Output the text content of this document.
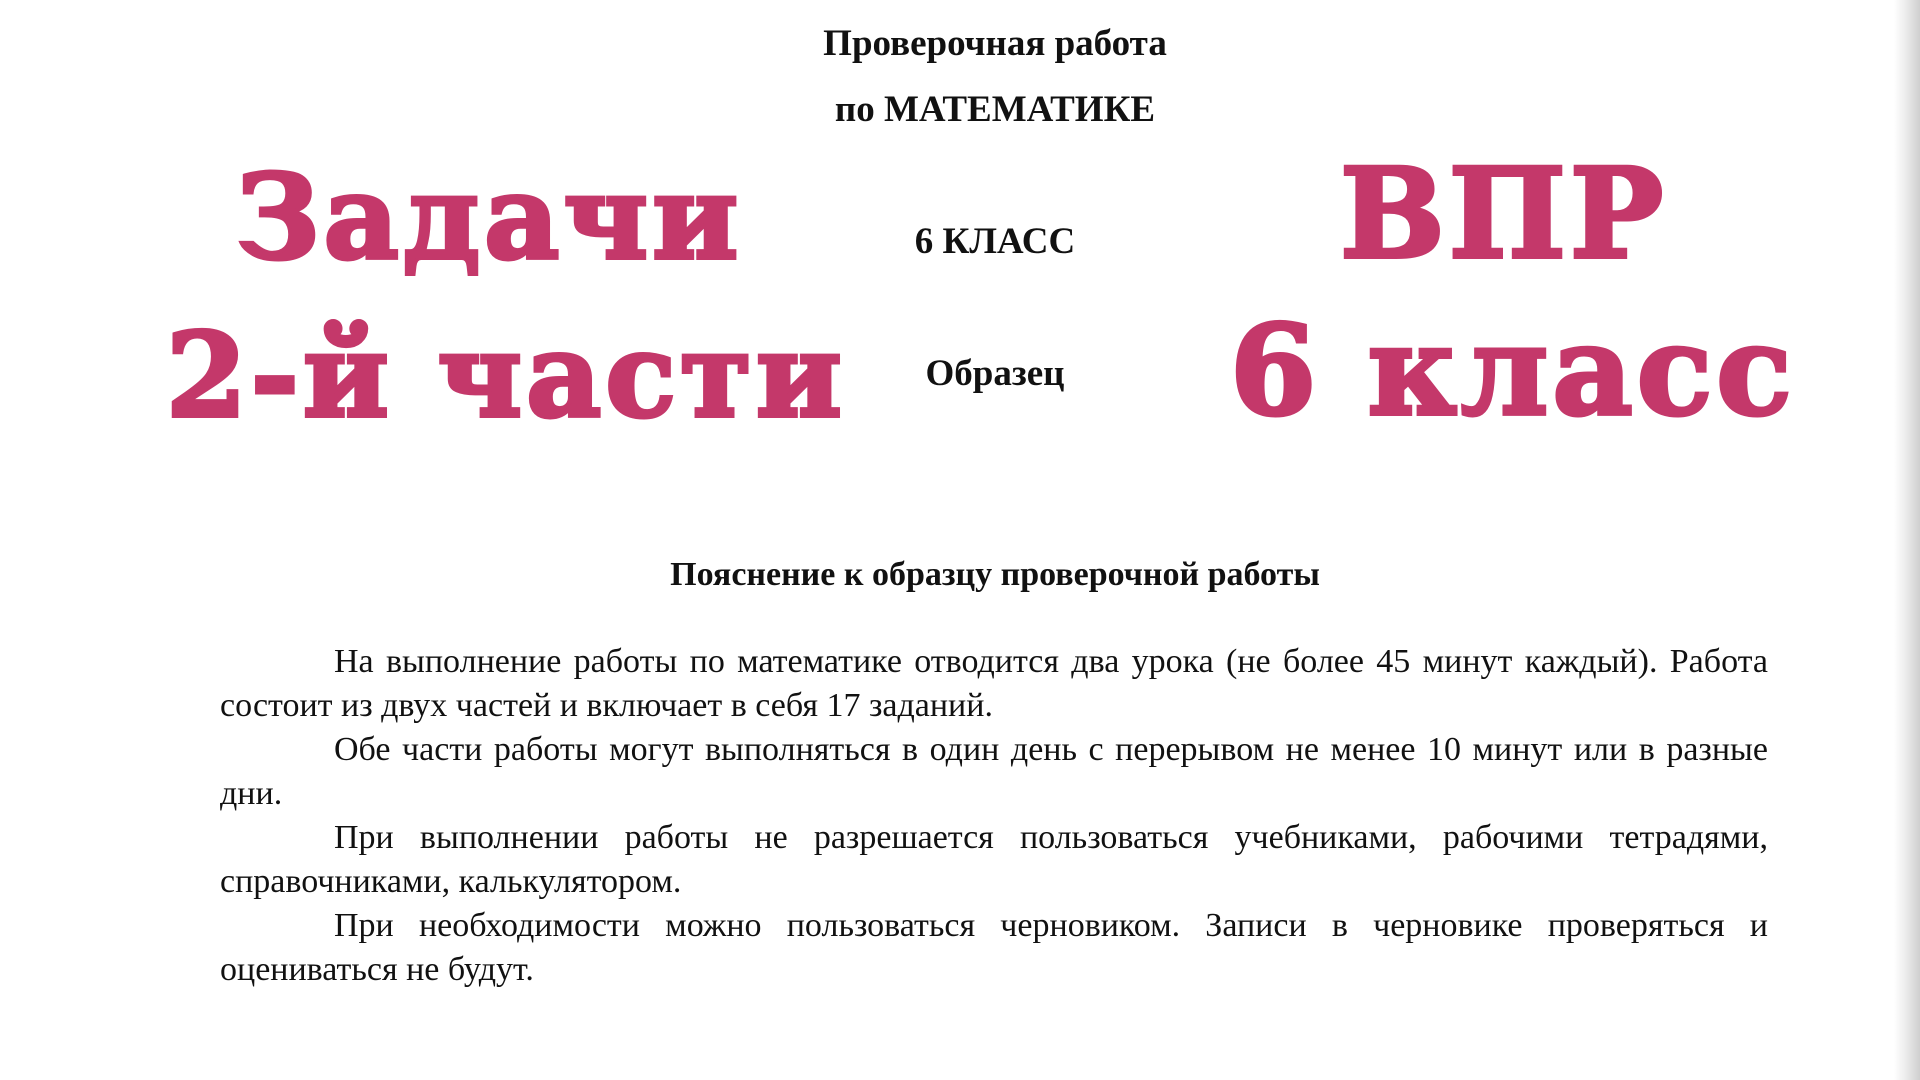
Проверочная работа
по МАТЕМАТИКЕ
6 КЛАСС
Образец
Задачи
2-й части
ВПР
6 класс
Пояснение к образцу проверочной работы

На выполнение работы по математике отводится два урока (не более 45 минут каждый). Работа состоит из двух частей и включает в себя 17 заданий.

Обе части работы могут выполняться в один день с перерывом не менее 10 минут или в разные дни.

При выполнении работы не разрешается пользоваться учебниками, рабочими тетрадями, справочниками, калькулятором.

При необходимости можно пользоваться черновиком. Записи в черновике проверяться и оцениваться не будут.
